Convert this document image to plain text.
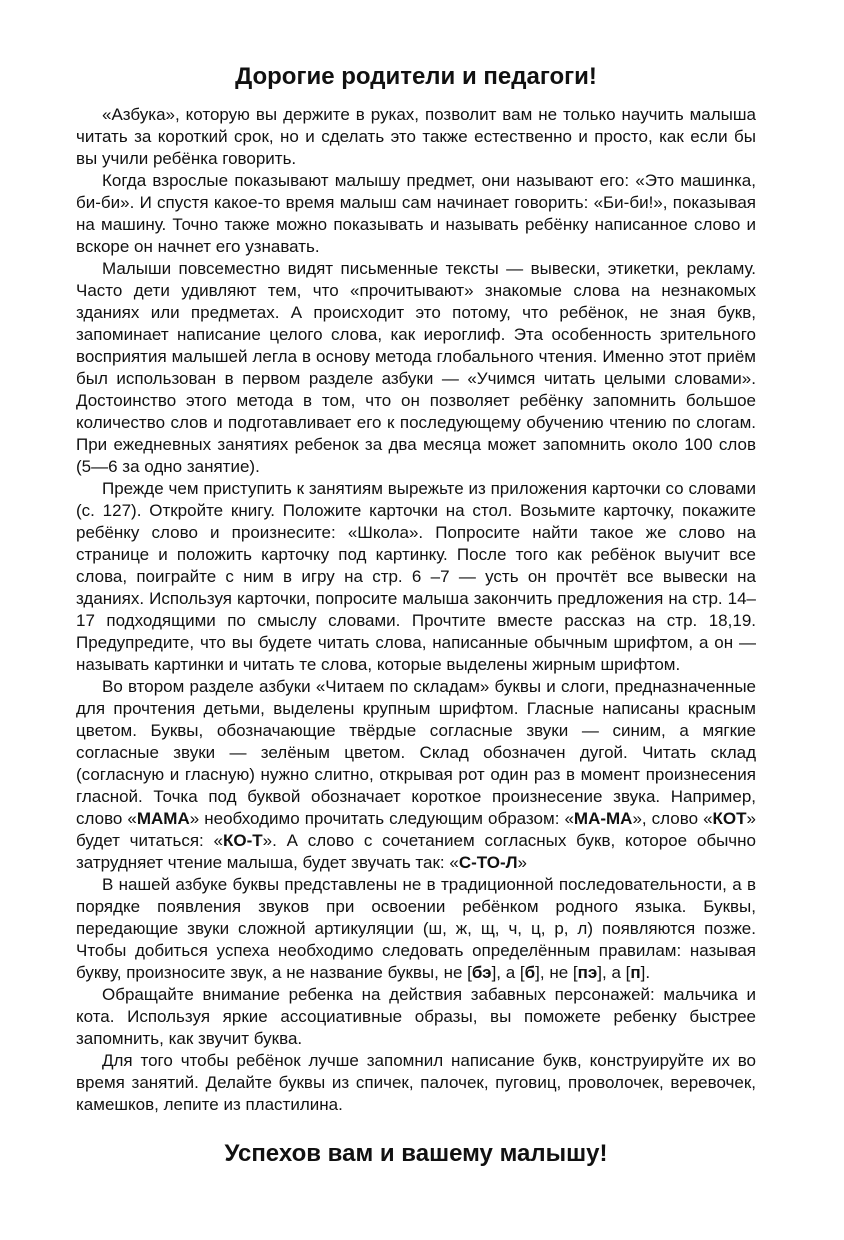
Дорогие родители и педагоги!

«Азбука», которую вы держите в руках, позволит вам не только научить малыша читать за короткий срок, но и сделать это также естественно и просто, как если бы вы учили ребёнка говорить.

Когда взрослые показывают малышу предмет, они называют его: «Это машинка, би-би». И спустя какое-то время малыш сам начинает говорить: «Би-би!», показывая на машину. Точно также можно показывать и называть ребёнку написанное слово и вскоре он начнет его узнавать.

Малыши повсеместно видят письменные тексты — вывески, этикетки, рекламу. Часто дети удивляют тем, что «прочитывают» знакомые слова на незнакомых зданиях или предметах. А происходит это потому, что ребёнок, не зная букв, запоминает написание целого слова, как иероглиф. Эта особенность зрительного восприятия малышей легла в основу метода глобального чтения. Именно этот приём был использован в первом разделе азбуки — «Учимся читать целыми словами». Достоинство этого метода в том, что он позволяет ребёнку запомнить большое количество слов и подготавливает его к последующему обучению чтению по слогам. При ежедневных занятиях ребенок за два месяца может запомнить около 100 слов (5—6 за одно занятие).

Прежде чем приступить к занятиям вырежьте из приложения карточки со словами (с. 127). Откройте книгу. Положите карточки на стол. Возьмите карточку, покажите ребёнку слово и произнесите: «Школа». Попросите найти такое же слово на странице и положить карточку под картинку. После того как ребёнок выучит все слова, поиграйте с ним в игру на стр. 6 –7 — усть он прочтёт все вывески на зданиях. Используя карточки, попросите малыша закончить предложения на стр. 14–17 подходящими по смыслу словами. Прочтите вместе рассказ на стр. 18,19. Предупредите, что вы будете читать слова, написанные обычным шрифтом, а он — называть картинки и читать те слова, которые выделены жирным шрифтом.

Во втором разделе азбуки «Читаем по складам» буквы и слоги, предназначенные для прочтения детьми, выделены крупным шрифтом. Гласные написаны красным цветом. Буквы, обозначающие твёрдые согласные звуки — синим, а мягкие согласные звуки — зелёным цветом. Склад обозначен дугой. Читать склад (согласную и гласную) нужно слитно, открывая рот один раз в момент произнесения гласной. Точка под буквой обозначает короткое произнесение звука. Например, слово «МАМА» необходимо прочитать следующим образом: «МА-МА», слово «КОТ» будет читаться: «КО-Т». А слово с сочетанием согласных букв, которое обычно затрудняет чтение малыша, будет звучать так: «С-ТО-Л»

В нашей азбуке буквы представлены не в традиционной последовательности, а в порядке появления звуков при освоении ребёнком родного языка. Буквы, передающие звуки сложной артикуляции (ш, ж, щ, ч, ц, р, л) появляются позже. Чтобы добиться успеха необходимо следовать определённым правилам: называя букву, произносите звук, а не название буквы, не [бэ], а [б], не [пэ], а [п].

Обращайте внимание ребенка на действия забавных персонажей: мальчика и кота. Используя яркие ассоциативные образы, вы поможете ребенку быстрее запомнить, как звучит буква.

Для того чтобы ребёнок лучше запомнил написание букв, конструируйте их во время занятий. Делайте буквы из спичек, палочек, пуговиц, проволочек, веревочек, камешков, лепите из пластилина.

Успехов вам и вашему малышу!
